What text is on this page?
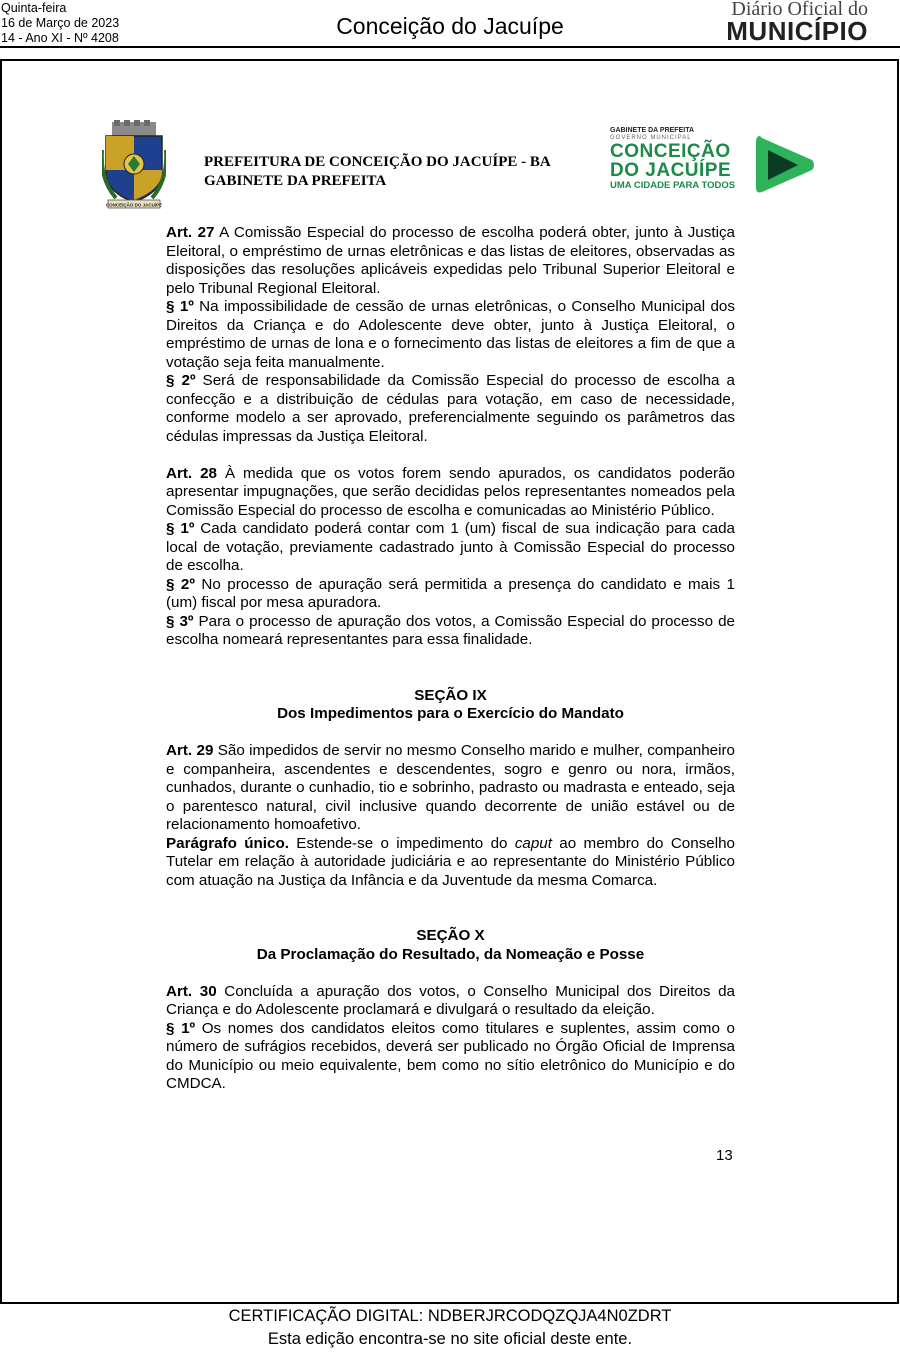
Quinta-feira
16 de Março de 2023
14 - Ano XI - Nº 4208	Conceição do Jacuípe
Diário Oficial do
MUNICÍPIO
CONCEIÇÃO DO JACUÍPE
PREFEITURA DE CONCEIÇÃO DO JACUÍPE - BA
GABINETE DA PREFEITA
GABINETE DA PREFEITA
GOVERNO MUNICIPAL
CONCEIÇÃO
DO JACUÍPE
UMA CIDADE PARA TODOS
Art. 27 A Comissão Especial do processo de escolha poderá obter, junto à Justiça Eleitoral, o empréstimo de urnas eletrônicas e das listas de eleitores, observadas as disposições das resoluções aplicáveis expedidas pelo Tribunal Superior Eleitoral e pelo Tribunal Regional Eleitoral.
§ 1º Na impossibilidade de cessão de urnas eletrônicas, o Conselho Municipal dos Direitos da Criança e do Adolescente deve obter, junto à Justiça Eleitoral, o empréstimo de urnas de lona e o fornecimento das listas de eleitores a fim de que a votação seja feita manualmente.
§ 2º Será de responsabilidade da Comissão Especial do processo de escolha a confecção e a distribuição de cédulas para votação, em caso de necessidade, conforme modelo a ser aprovado, preferencialmente seguindo os parâmetros das cédulas impressas da Justiça Eleitoral.
Art. 28 À medida que os votos forem sendo apurados, os candidatos poderão apresentar impugnações, que serão decididas pelos representantes nomeados pela Comissão Especial do processo de escolha e comunicadas ao Ministério Público.
§ 1º Cada candidato poderá contar com 1 (um) fiscal de sua indicação para cada local de votação, previamente cadastrado junto à Comissão Especial do processo de escolha.
§ 2º No processo de apuração será permitida a presença do candidato e mais 1 (um) fiscal por mesa apuradora.
§ 3º Para o processo de apuração dos votos, a Comissão Especial do processo de escolha nomeará representantes para essa finalidade.
SEÇÃO IX
Dos Impedimentos para o Exercício do Mandato
Art. 29 São impedidos de servir no mesmo Conselho marido e mulher, companheiro e companheira, ascendentes e descendentes, sogro e genro ou nora, irmãos, cunhados, durante o cunhadio, tio e sobrinho, padrasto ou madrasta e enteado, seja o parentesco natural, civil inclusive quando decorrente de união estável ou de relacionamento homoafetivo.
Parágrafo único. Estende-se o impedimento do caput ao membro do Conselho Tutelar em relação à autoridade judiciária e ao representante do Ministério Público com atuação na Justiça da Infância e da Juventude da mesma Comarca.
SEÇÃO X
Da Proclamação do Resultado, da Nomeação e Posse
Art. 30 Concluída a apuração dos votos, o Conselho Municipal dos Direitos da Criança e do Adolescente proclamará e divulgará o resultado da eleição.
§ 1º Os nomes dos candidatos eleitos como titulares e suplentes, assim como o número de sufrágios recebidos, deverá ser publicado no Órgão Oficial de Imprensa do Município ou meio equivalente, bem como no sítio eletrônico do Município e do CMDCA.
13
CERTIFICAÇÃO DIGITAL: NDBERJRCODQZQJA4N0ZDRT
Esta edição encontra-se no site oficial deste ente.
